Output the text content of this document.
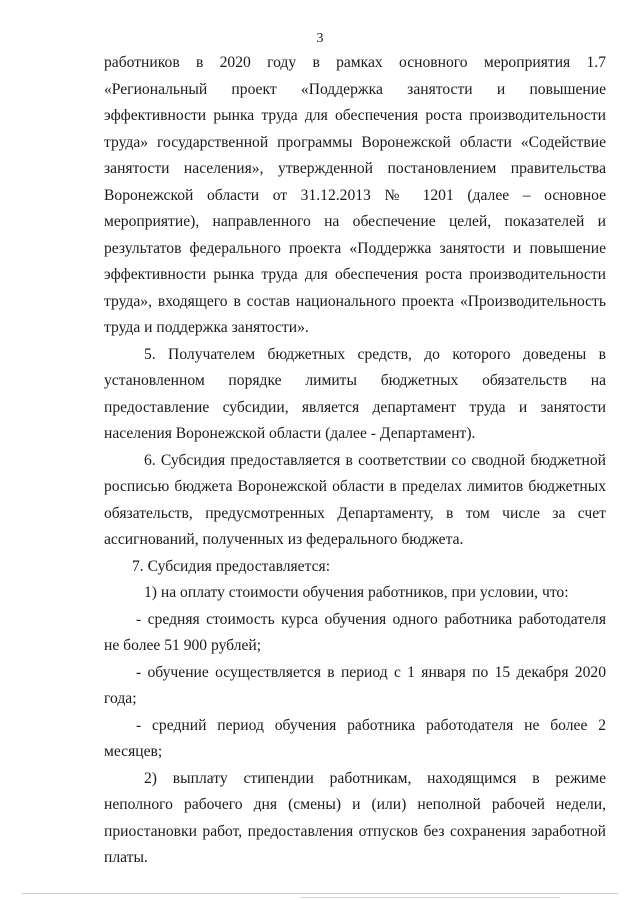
3

работников в 2020 году в рамках основного мероприятия 1.7 «Региональный проект «Поддержка занятости и повышение эффективности рынка труда для обеспечения роста производительности труда» государственной программы Воронежской области «Содействие занятости населения», утвержденной постановлением правительства Воронежской области от 31.12.2013 № 1201 (далее – основное мероприятие), направленного на обеспечение целей, показателей и результатов федерального проекта «Поддержка занятости и повышение эффективности рынка труда для обеспечения роста производительности труда», входящего в состав национального проекта «Производительность труда и поддержка занятости».

5. Получателем бюджетных средств, до которого доведены в установленном порядке лимиты бюджетных обязательств на предоставление субсидии, является департамент труда и занятости населения Воронежской области (далее - Департамент).

6. Субсидия предоставляется в соответствии со сводной бюджетной росписью бюджета Воронежской области в пределах лимитов бюджетных обязательств, предусмотренных Департаменту, в том числе за счет ассигнований, полученных из федерального бюджета.

7. Субсидия предоставляется:

1) на оплату стоимости обучения работников, при условии, что:

- средняя стоимость курса обучения одного работника работодателя не более 51 900 рублей;

- обучение осуществляется в период с 1 января по 15 декабря 2020 года;

- средний период обучения работника работодателя не более 2 месяцев;

2) выплату стипендии работникам, находящимся в режиме неполного рабочего дня (смены) и (или) неполной рабочей недели, приостановки работ, предоставления отпусков без сохранения заработной платы.
